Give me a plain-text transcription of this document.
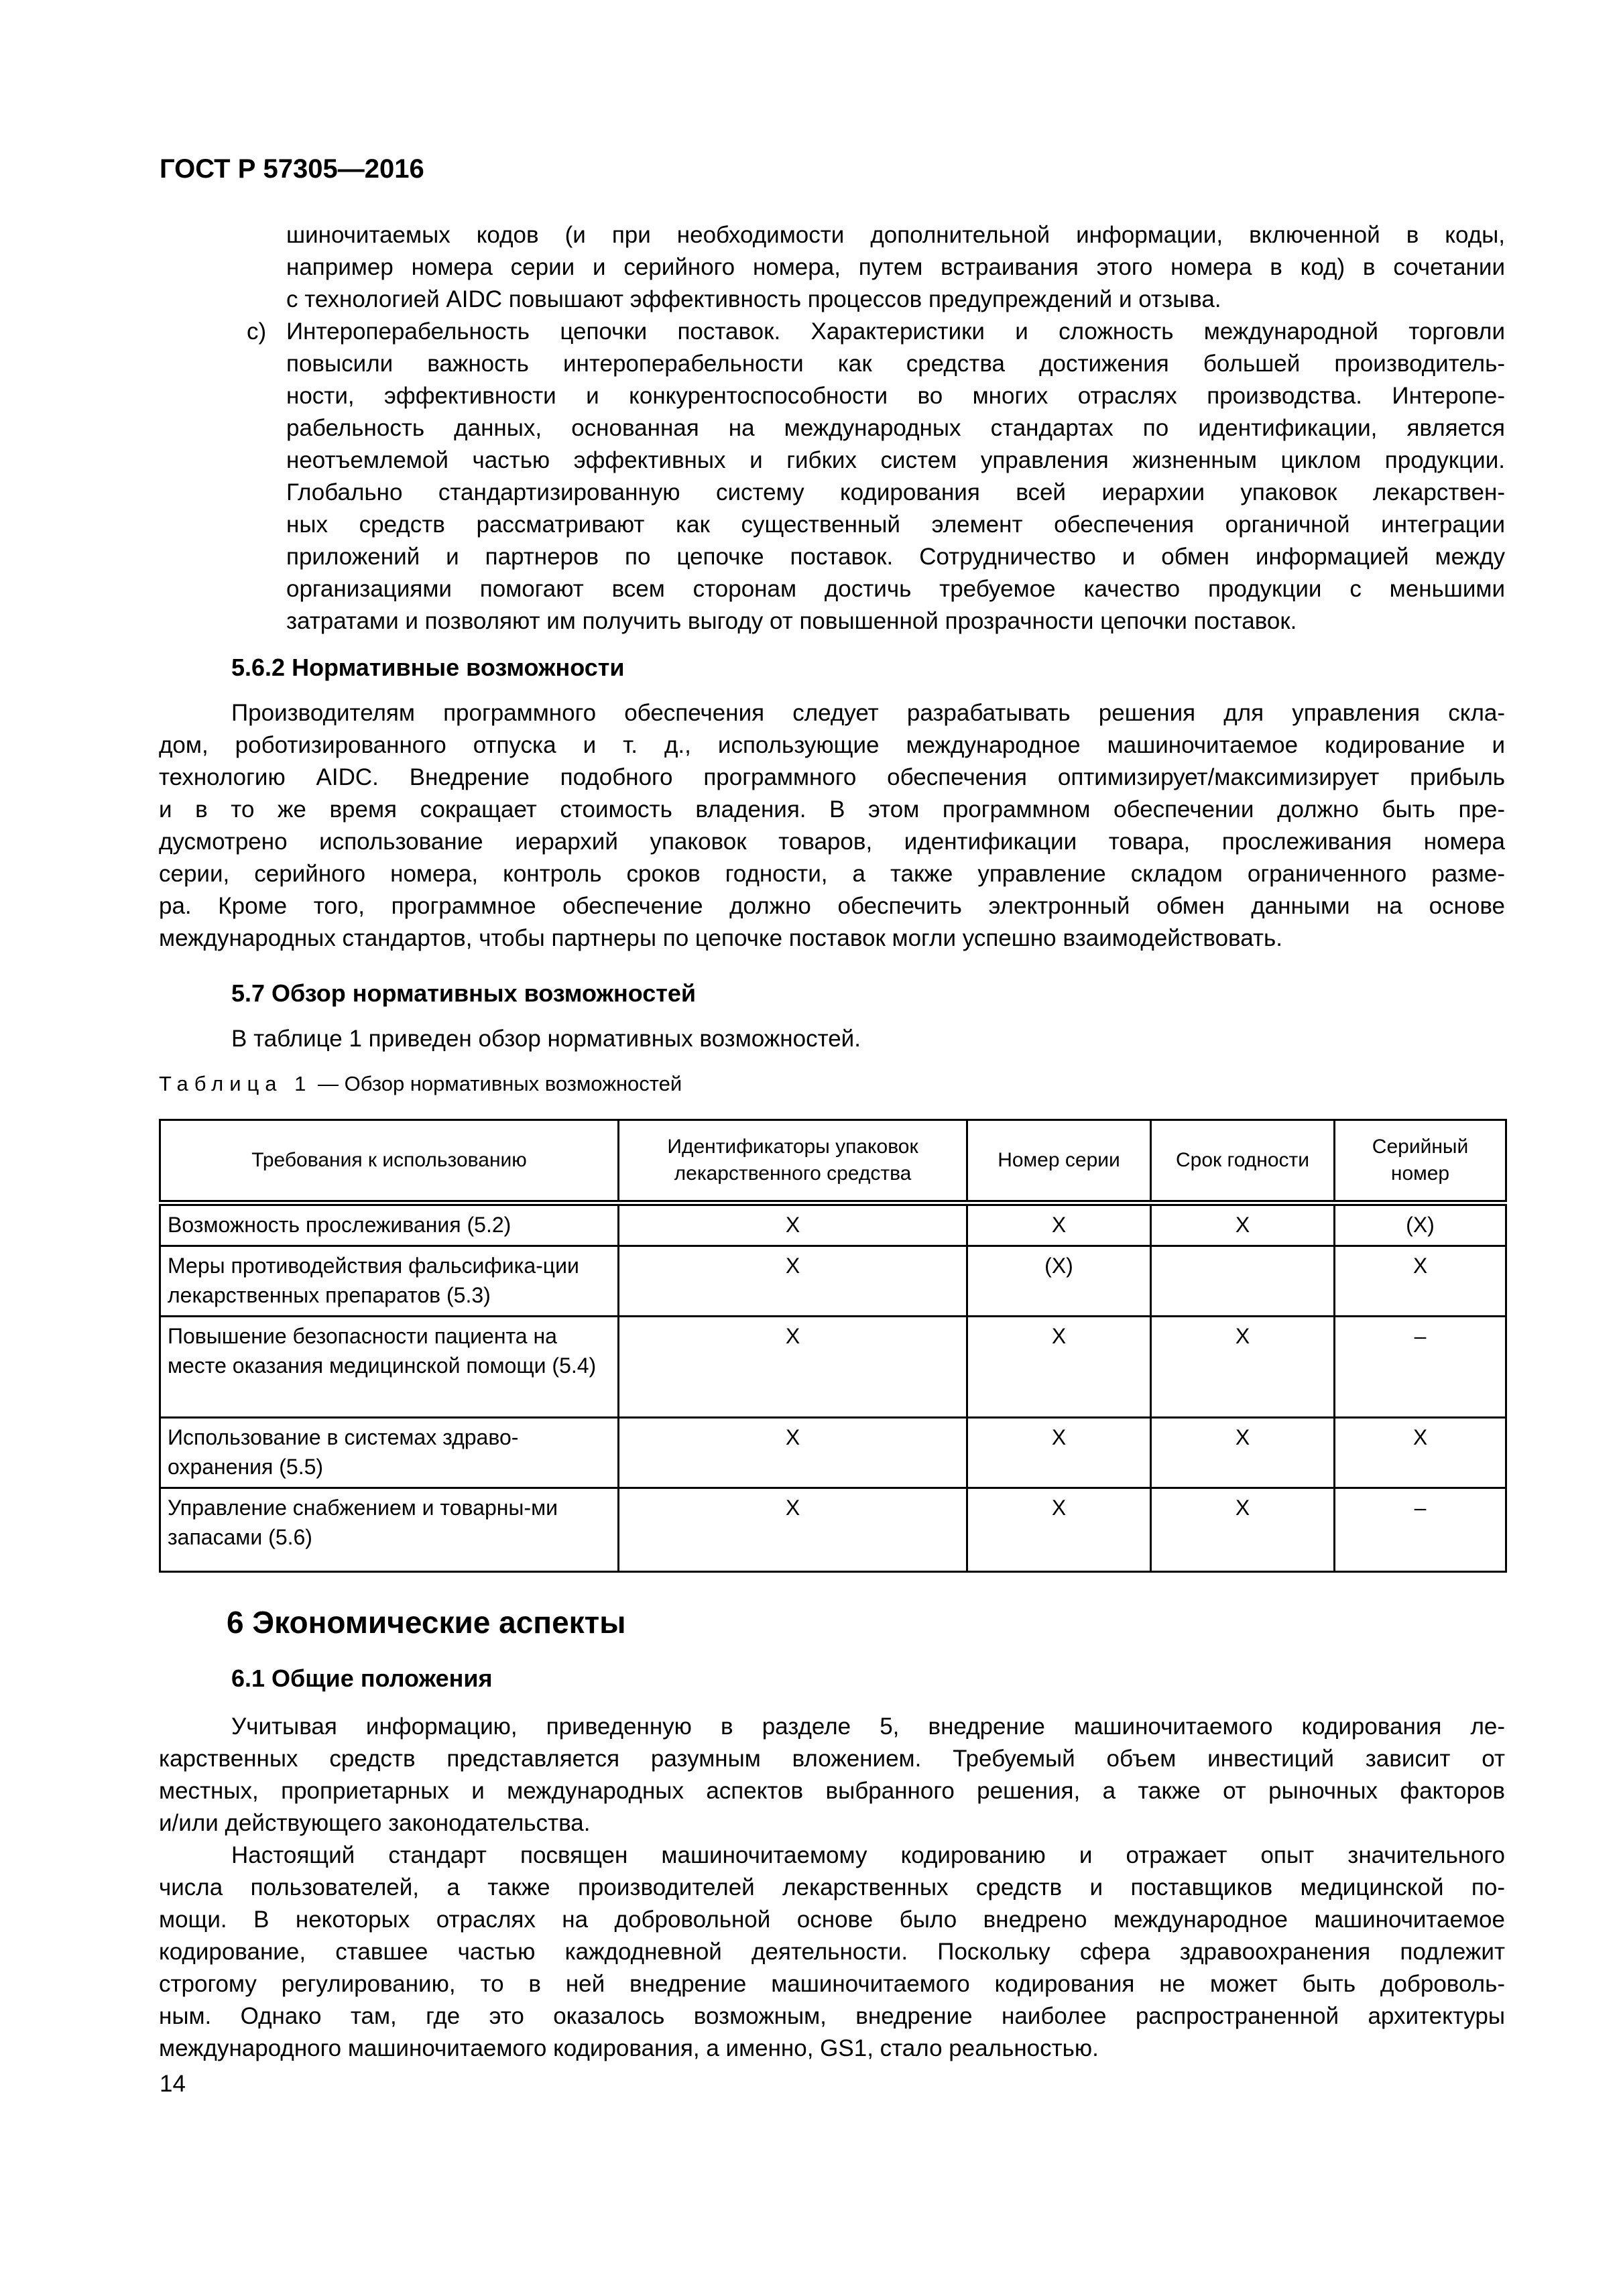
ГОСТ Р 57305—2016
шиночитаемых кодов (и при необходимости дополнительной информации, включенной в коды,
например номера серии и серийного номера, путем встраивания этого номера в код) в сочетании
с технологией AIDC повышают эффективность процессов предупреждений и отзыва.
c) Интероперабельность цепочки поставок. Характеристики и сложность международной торговли
повысили важность интероперабельности как средства достижения большей производитель-
ности, эффективности и конкурентоспособности во многих отраслях производства. Интеропе-
рабельность данных, основанная на международных стандартах по идентификации, является
неотъемлемой частью эффективных и гибких систем управления жизненным циклом продукции.
Глобально стандартизированную систему кодирования всей иерархии упаковок лекарствен-
ных средств рассматривают как существенный элемент обеспечения органичной интеграции
приложений и партнеров по цепочке поставок. Сотрудничество и обмен информацией между
организациями помогают всем сторонам достичь требуемое качество продукции с меньшими
затратами и позволяют им получить выгоду от повышенной прозрачности цепочки поставок.
5.6.2 Нормативные возможности
Производителям программного обеспечения следует разрабатывать решения для управления скла-
дом, роботизированного отпуска и т. д., использующие международное машиночитаемое кодирование и
технологию AIDC. Внедрение подобного программного обеспечения оптимизирует/максимизирует прибыль
и в то же время сокращает стоимость владения. В этом программном обеспечении должно быть пре-
дусмотрено использование иерархий упаковок товаров, идентификации товара, прослеживания номера
серии, серийного номера, контроль сроков годности, а также управление складом ограниченного разме-
ра. Кроме того, программное обеспечение должно обеспечить электронный обмен данными на основе
международных стандартов, чтобы партнеры по цепочке поставок могли успешно взаимодействовать.
5.7 Обзор нормативных возможностей
В таблице 1 приведен обзор нормативных возможностей.
Таблица 1 — Обзор нормативных возможностей
Требования к использованию	Идентификаторы упаковок лекарственного средства	Номер серии	Срок годности	Серийный номер
Возможность прослеживания (5.2)	X	X	X	(X)
Меры противодействия фальсифика-ции лекарственных препаратов (5.3)	X	(X)		X
Повышение безопасности пациента на месте оказания медицинской помощи (5.4)	X	X	X	–
Использование в системах здраво-охранения (5.5)	X	X	X	X
Управление снабжением и товарны-ми запасами (5.6)	X	X	X	–
6 Экономические аспекты
6.1 Общие положения
Учитывая информацию, приведенную в разделе 5, внедрение машиночитаемого кодирования ле-
карственных средств представляется разумным вложением. Требуемый объем инвестиций зависит от
местных, проприетарных и международных аспектов выбранного решения, а также от рыночных факторов
и/или действующего законодательства.
Настоящий стандарт посвящен машиночитаемому кодированию и отражает опыт значительного
числа пользователей, а также производителей лекарственных средств и поставщиков медицинской по-
мощи. В некоторых отраслях на добровольной основе было внедрено международное машиночитаемое
кодирование, ставшее частью каждодневной деятельности. Поскольку сфера здравоохранения подлежит
строгому регулированию, то в ней внедрение машиночитаемого кодирования не может быть доброволь-
ным. Однако там, где это оказалось возможным, внедрение наиболее распространенной архитектуры
международного машиночитаемого кодирования, а именно, GS1, стало реальностью.
14
